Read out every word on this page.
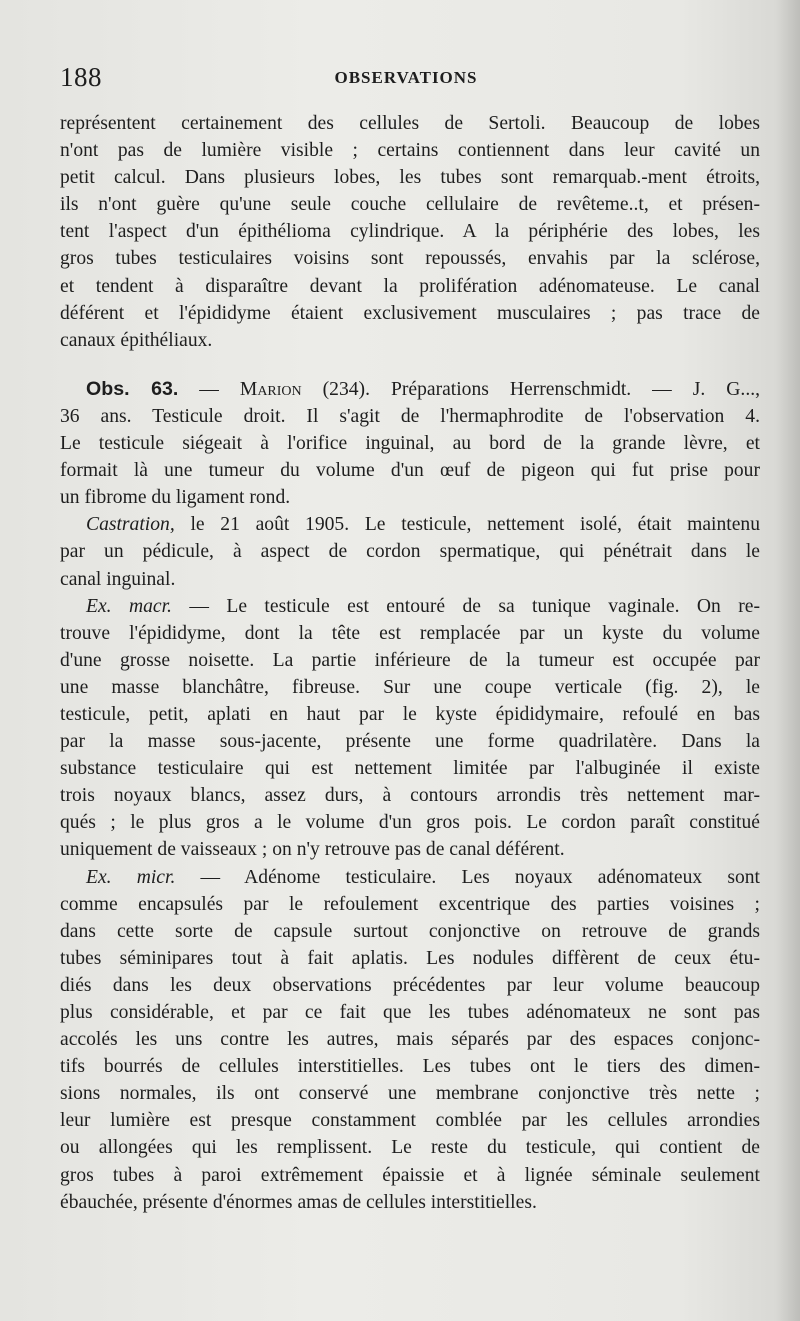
188	OBSERVATIONS

représentent certainement des cellules de Sertoli. Beaucoup de lobes
n'ont pas de lumière visible ; certains contiennent dans leur cavité un
petit calcul. Dans plusieurs lobes, les tubes sont remarquab.-ment étroits,
ils n'ont guère qu'une seule couche cellulaire de revêteme..t, et présen-
tent l'aspect d'un épithélioma cylindrique. A la périphérie des lobes, les
gros tubes testiculaires voisins sont repoussés, envahis par la sclérose,
et tendent à disparaître devant la prolifération adénomateuse. Le canal
déférent et l'épididyme étaient exclusivement musculaires ; pas trace de
canaux épithéliaux.

Obs. 63. — Marion (234). Préparations Herrenschmidt. — J. G...,
36 ans. Testicule droit. Il s'agit de l'hermaphrodite de l'observation 4.
Le testicule siégeait à l'orifice inguinal, au bord de la grande lèvre, et
formait là une tumeur du volume d'un œuf de pigeon qui fut prise pour
un fibrome du ligament rond.

Castration, le 21 août 1905. Le testicule, nettement isolé, était maintenu
par un pédicule, à aspect de cordon spermatique, qui pénétrait dans le
canal inguinal.

Ex. macr. — Le testicule est entouré de sa tunique vaginale. On re-
trouve l'épididyme, dont la tête est remplacée par un kyste du volume
d'une grosse noisette. La partie inférieure de la tumeur est occupée par
une masse blanchâtre, fibreuse. Sur une coupe verticale (fig. 2), le
testicule, petit, aplati en haut par le kyste épididymaire, refoulé en bas
par la masse sous-jacente, présente une forme quadrilatère. Dans la
substance testiculaire qui est nettement limitée par l'albuginée il existe
trois noyaux blancs, assez durs, à contours arrondis très nettement mar-
qués ; le plus gros a le volume d'un gros pois. Le cordon paraît constitué
uniquement de vaisseaux ; on n'y retrouve pas de canal déférent.

Ex. micr. — Adénome testiculaire. Les noyaux adénomateux sont
comme encapsulés par le refoulement excentrique des parties voisines ;
dans cette sorte de capsule surtout conjonctive on retrouve de grands
tubes séminipares tout à fait aplatis. Les nodules diffèrent de ceux étu-
diés dans les deux observations précédentes par leur volume beaucoup
plus considérable, et par ce fait que les tubes adénomateux ne sont pas
accolés les uns contre les autres, mais séparés par des espaces conjonc-
tifs bourrés de cellules interstitielles. Les tubes ont le tiers des dimen-
sions normales, ils ont conservé une membrane conjonctive très nette ;
leur lumière est presque constamment comblée par les cellules arrondies
ou allongées qui les remplissent. Le reste du testicule, qui contient de
gros tubes à paroi extrêmement épaissie et à lignée séminale seulement
ébauchée, présente d'énormes amas de cellules interstitielles.
